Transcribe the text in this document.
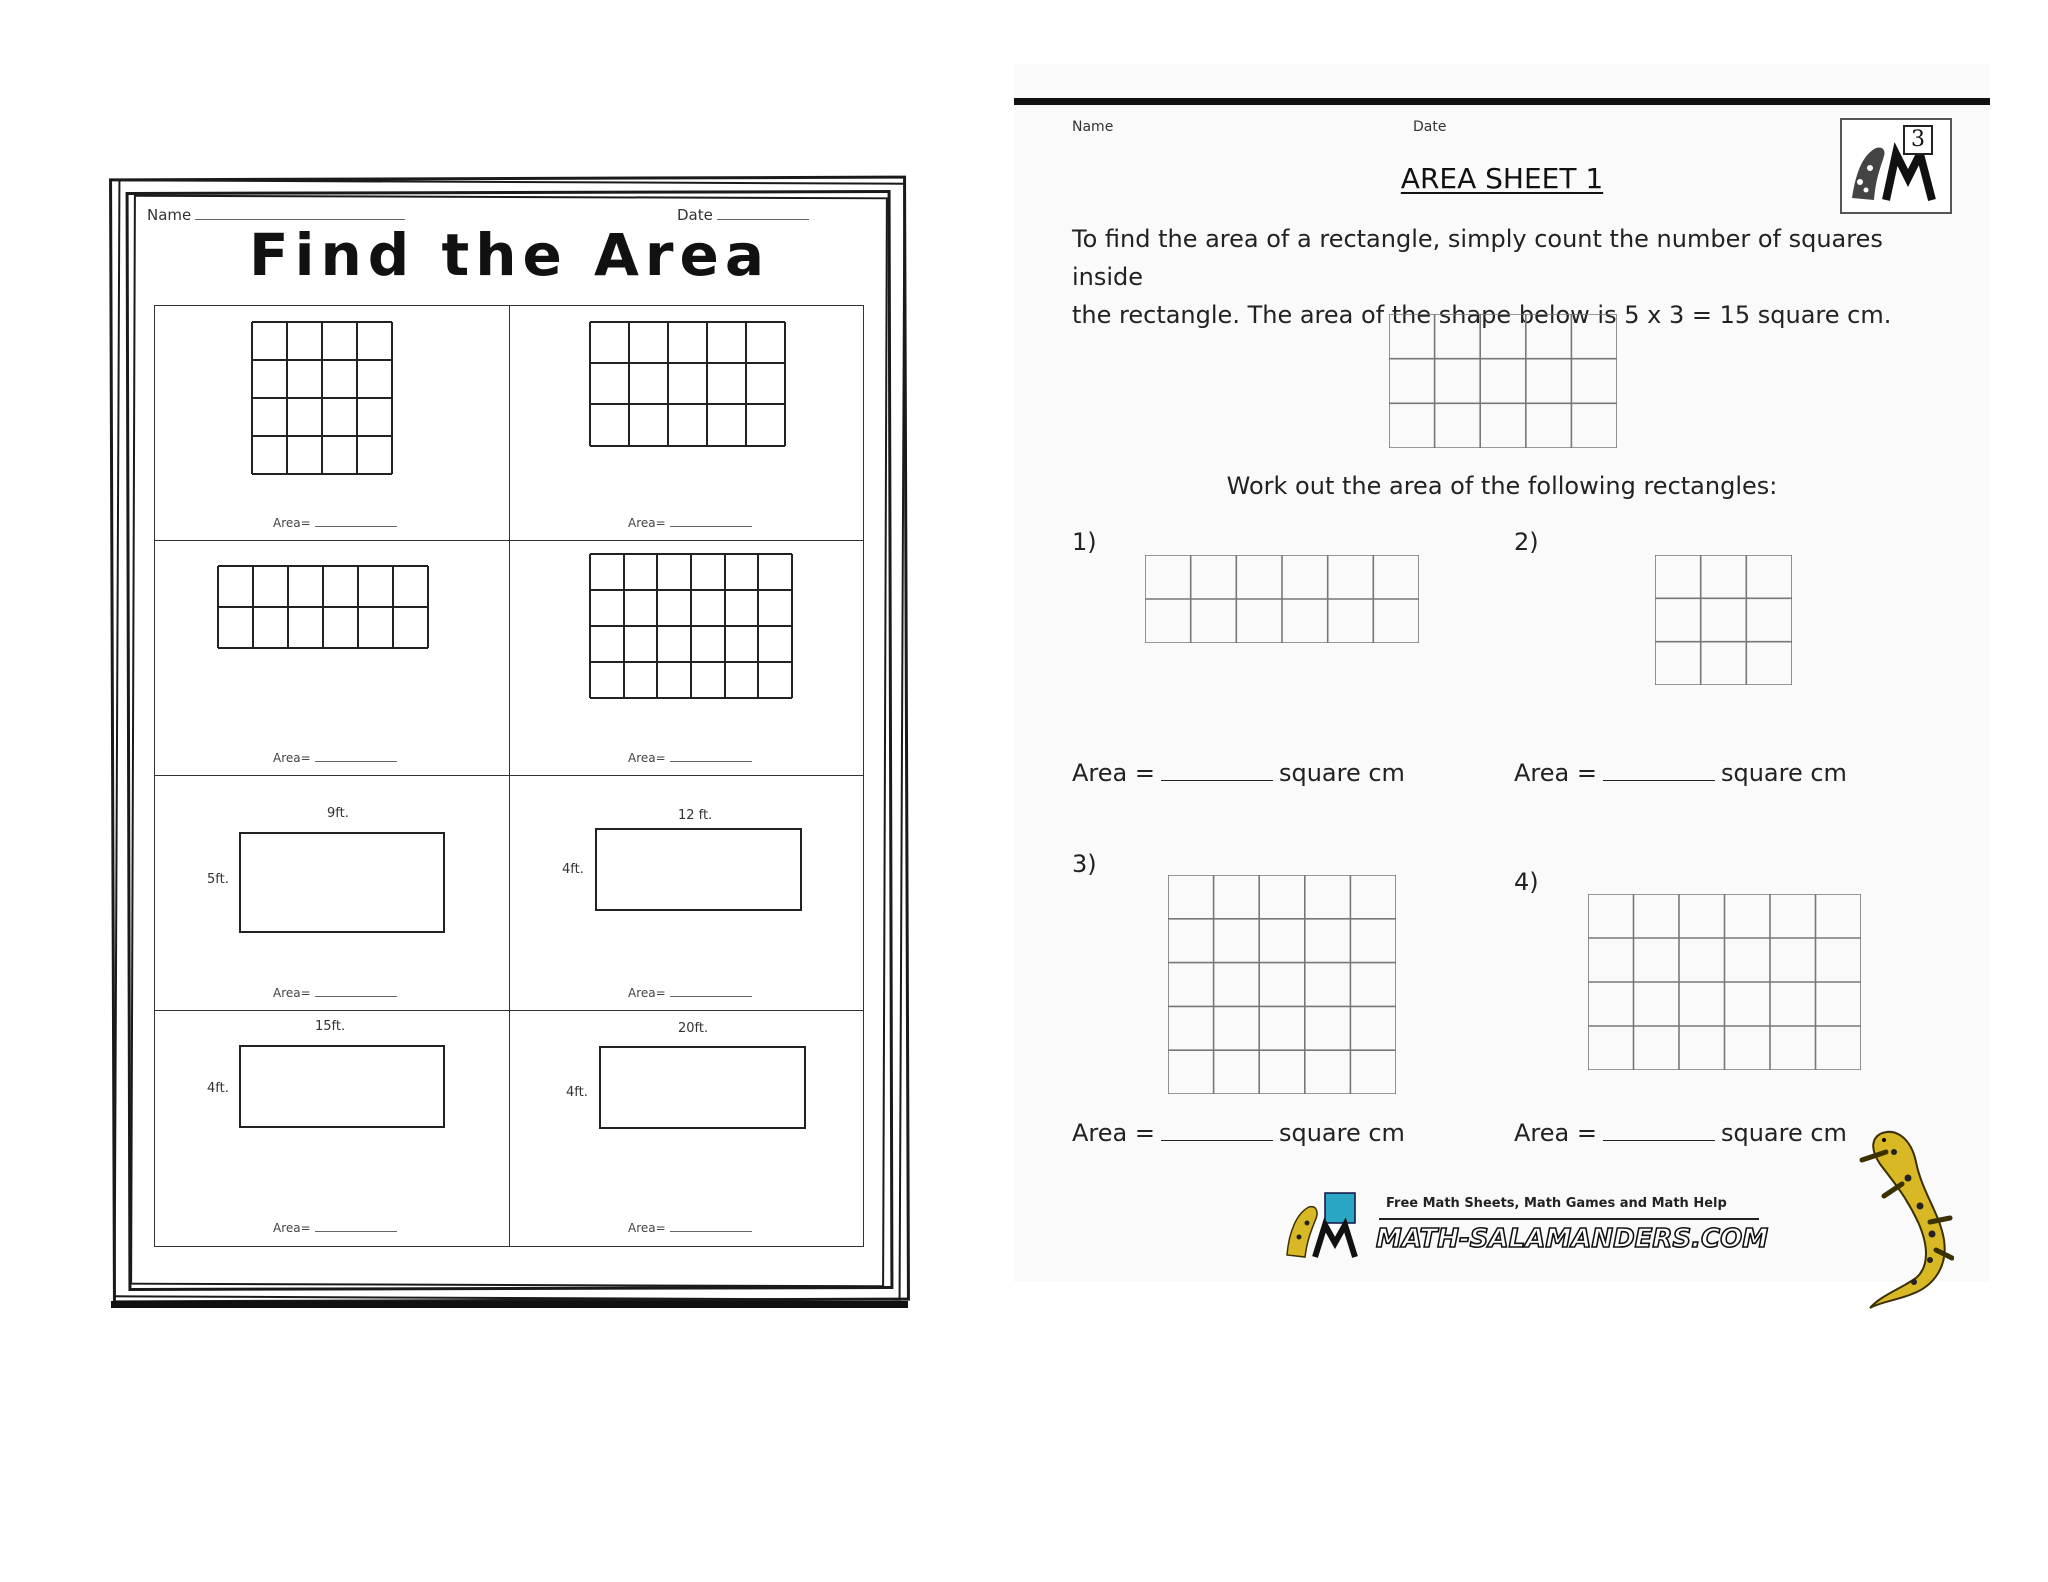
Name	Date
Find the Area
Area=	Area=
Area=	Area=
9ft.
5ft.
Area=
12 ft.
4ft.
Area=
15ft.
4ft.
Area=
20ft.
4ft.
Area=
Name	Date	3
AREA SHEET 1
To find the area of a rectangle, simply count the number of squares inside
the rectangle. The area of the shape below is 5 x 3 = 15 square cm.
Work out the area of the following rectangles:
1)	2)
Area =	square cm	Area =	square cm
3)
4)
Area =	square cm	Area =	square cm
Free Math Sheets, Math Games and Math Help
MATH-SALAMANDERS.COM
